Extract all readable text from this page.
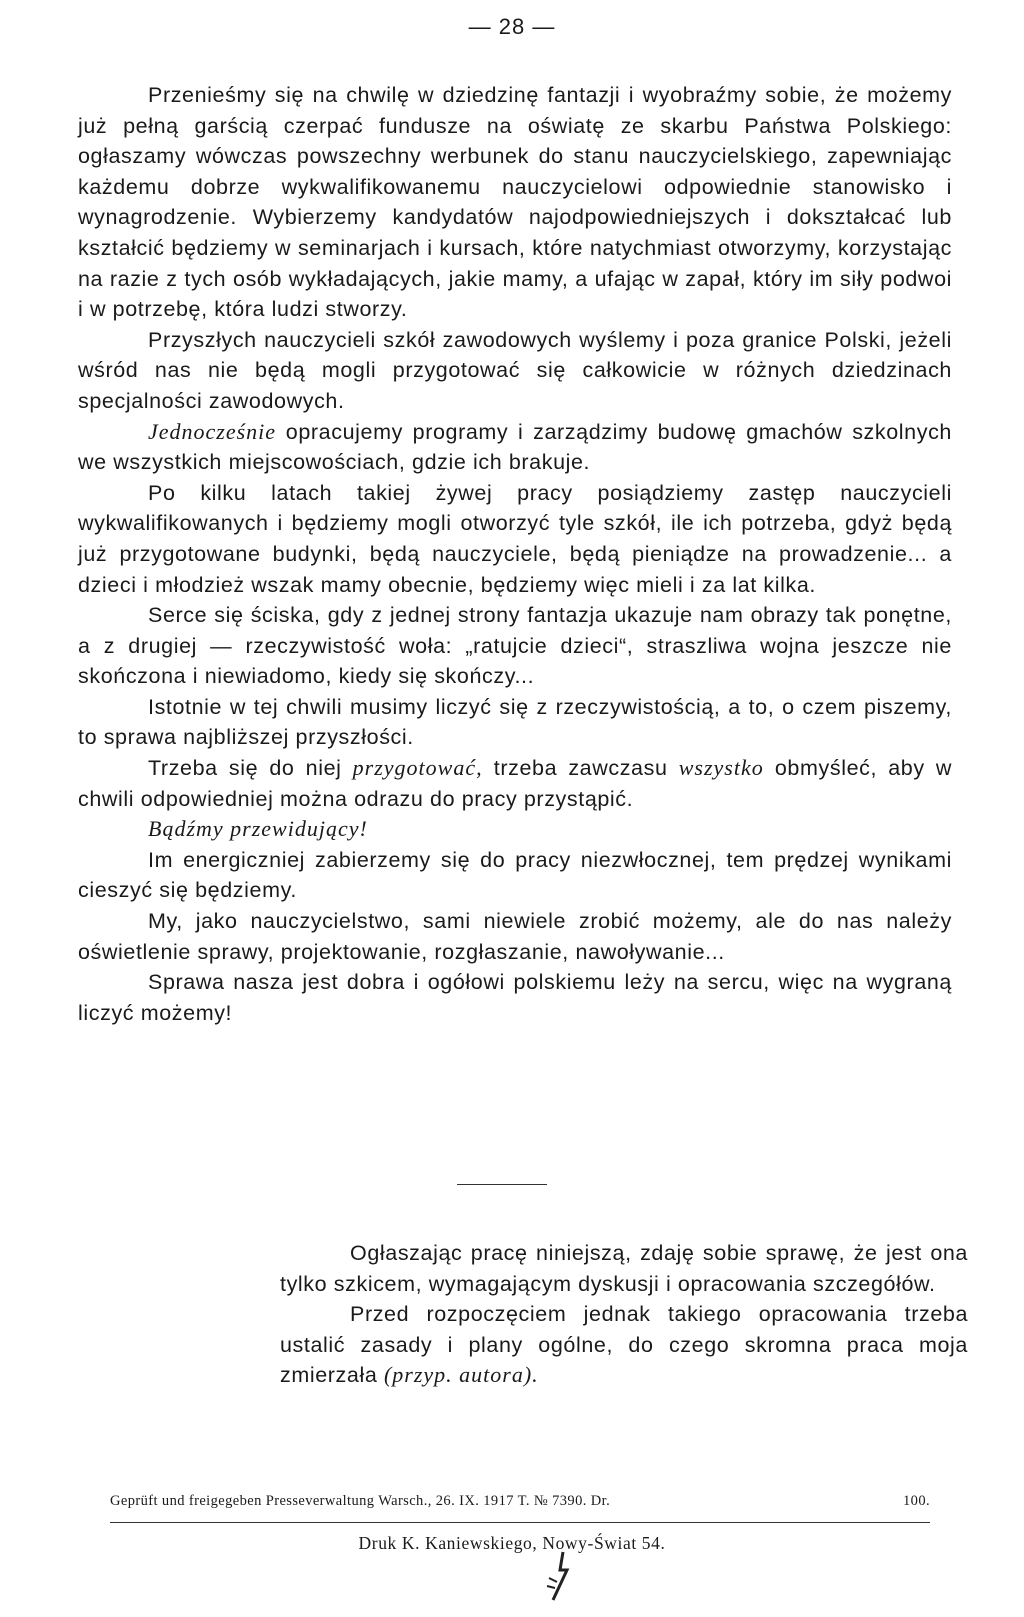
— 28 —

Przenieśmy się na chwilę w dziedzinę fantazji i wyobraźmy sobie, że możemy już pełną garścią czerpać fundusze na oświatę ze skarbu Państwa Polskiego: ogłaszamy wówczas powszechny werbunek do stanu nauczycielskiego, zapewniając każdemu dobrze wykwalifikowanemu nauczycielowi odpowiednie stanowisko i wynagrodzenie. Wybierzemy kandydatów najodpowiedniejszych i dokształcać lub kształcić będziemy w seminarjach i kursach, które natychmiast otworzymy, korzystając na razie z tych osób wykładających, jakie mamy, a ufając w zapał, który im siły podwoi i w potrzebę, która ludzi stworzy.

Przyszłych nauczycieli szkół zawodowych wyślemy i poza granice Polski, jeżeli wśród nas nie będą mogli przygotować się całkowicie w różnych dziedzinach specjalności zawodowych.

Jednocześnie opracujemy programy i zarządzimy budowę gmachów szkolnych we wszystkich miejscowościach, gdzie ich brakuje.

Po kilku latach takiej żywej pracy posiądziemy zastęp nauczycieli wykwalifikowanych i będziemy mogli otworzyć tyle szkół, ile ich potrzeba, gdyż będą już przygotowane budynki, będą nauczyciele, będą pieniądze na prowadzenie... a dzieci i młodzież wszak mamy obecnie, będziemy więc mieli i za lat kilka.

Serce się ściska, gdy z jednej strony fantazja ukazuje nam obrazy tak ponętne, a z drugiej — rzeczywistość woła: „ratujcie dzieci“, straszliwa wojna jeszcze nie skończona i niewiadomo, kiedy się skończy...

Istotnie w tej chwili musimy liczyć się z rzeczywistością, a to, o czem piszemy, to sprawa najbliższej przyszłości.

Trzeba się do niej przygotować, trzeba zawczasu wszystko obmyśleć, aby w chwili odpowiedniej można odrazu do pracy przystąpić.

Bądźmy przewidujący!

Im energiczniej zabierzemy się do pracy niezwłocznej, tem prędzej wynikami cieszyć się będziemy.

My, jako nauczycielstwo, sami niewiele zrobić możemy, ale do nas należy oświetlenie sprawy, projektowanie, rozgłaszanie, nawoływanie...

Sprawa nasza jest dobra i ogółowi polskiemu leży na sercu, więc na wygraną liczyć możemy!

Ogłaszając pracę niniejszą, zdaję sobie sprawę, że jest ona tylko szkicem, wymagającym dyskusji i opracowania szczegółów.

Przed rozpoczęciem jednak takiego opracowania trzeba ustalić zasady i plany ogólne, do czego skromna praca moja zmierzała (przyp. autora).

Geprüft und freigegeben Presseverwaltung Warsch., 26. IX. 1917 T. № 7390. Dr.	100.
Druk K. Kaniewskiego, Nowy-Świat 54.
